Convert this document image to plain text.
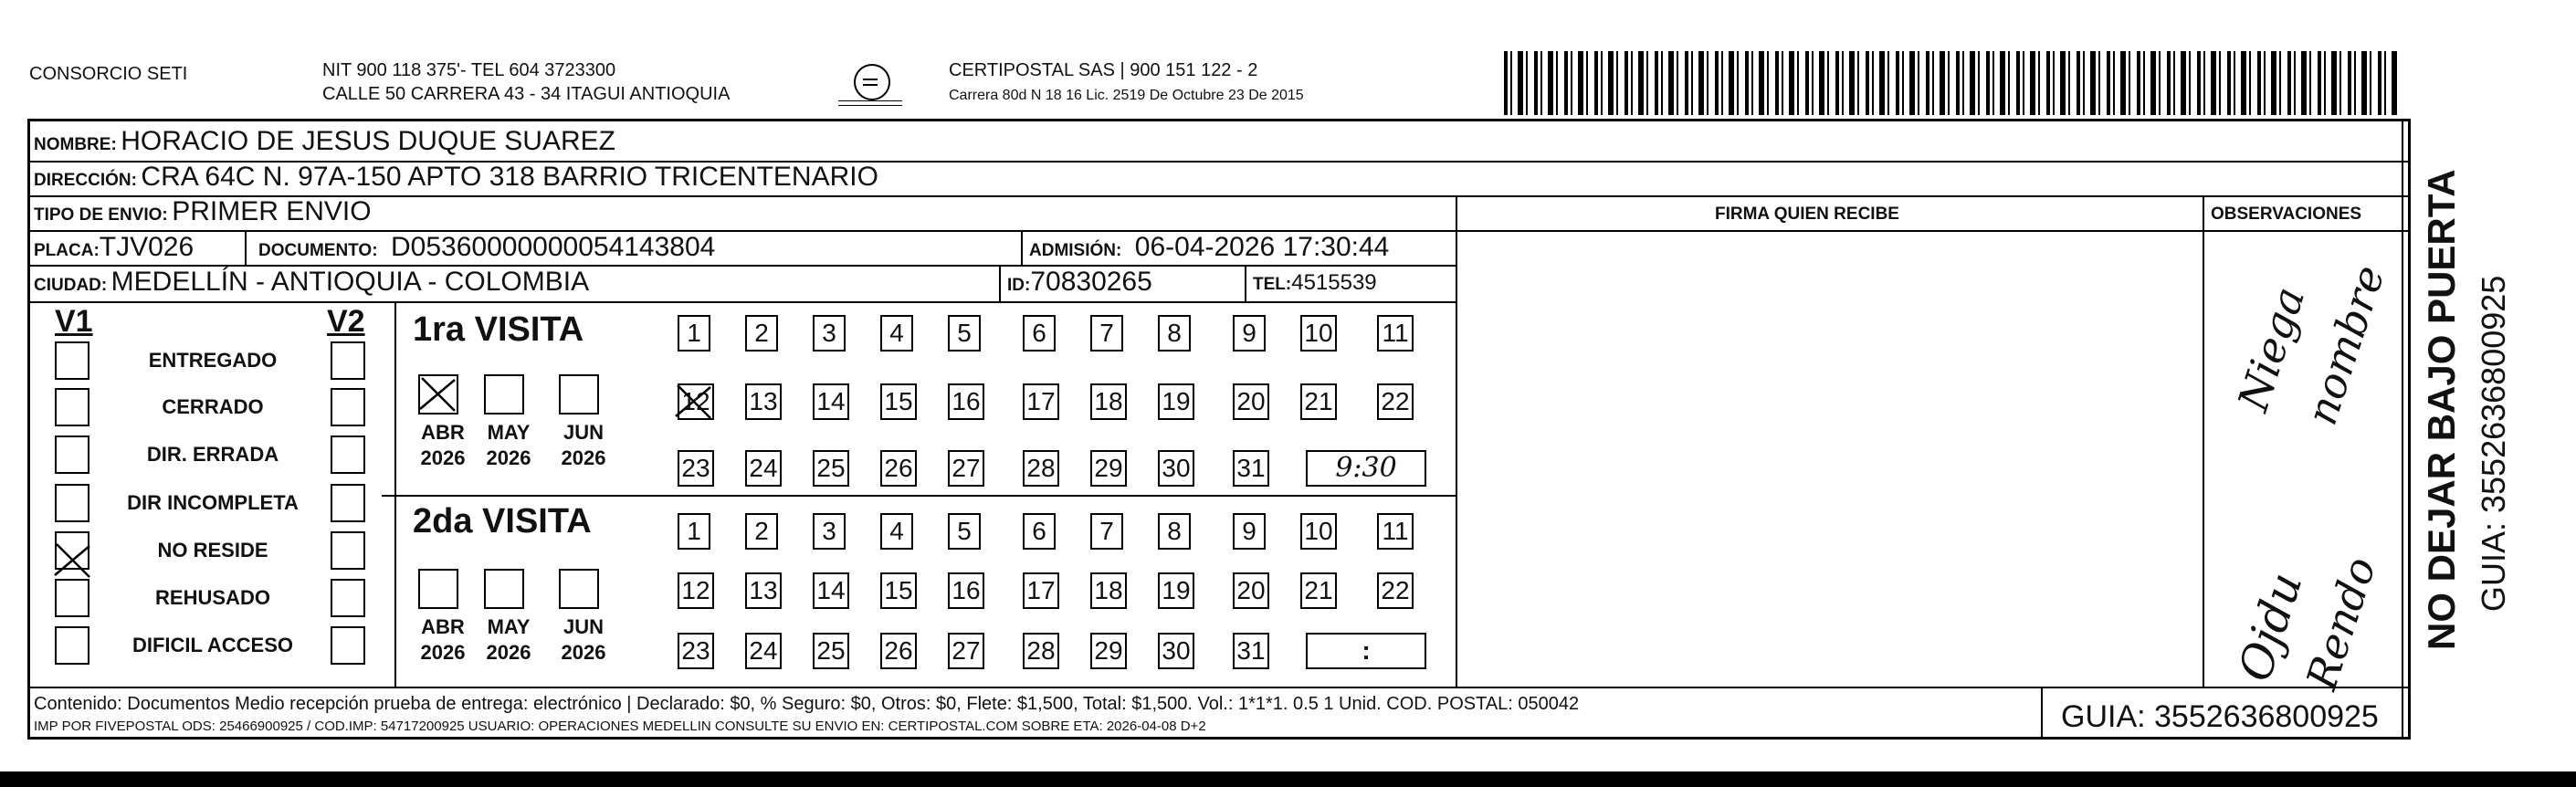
CONSORCIO SETI	NIT 900 118 375'- TEL 604 3723300
CALLE 50 CARRERA 43 - 34 ITAGUI ANTIOQUIA
CERTIPOSTAL SAS | 900 151 122 - 2
Carrera 80d N 18 16 Lic. 2519 De Octubre 23 De 2015
NOMBRE: HORACIO DE JESUS DUQUE SUAREZ
DIRECCIÓN: CRA 64C N. 97A-150 APTO 318 BARRIO TRICENTENARIO
TIPO DE ENVIO: PRIMER ENVIO	FIRMA QUIEN RECIBE	OBSERVACIONES
PLACA:TJV026	DOCUMENTO: D05360000000054143804	ADMISIÓN: 06-04-2026 17:30:44
CIUDAD: MEDELLÍN - ANTIOQUIA - COLOMBIA	ID:70830265	TEL:4515539
V1	V2
ENTREGADO
CERRADO
DIR. ERRADA
DIR INCOMPLETA
NO RESIDE
REHUSADO
DIFICIL ACCESO
1ra VISITA
ABR
2026
MAY
2026
JUN
2026
1	2	3	4	5	6	7	8	9	10 11
12 13 14 15 16 17 18 19 20 21 22
23 24 25 26 27 28 29 30 31	9:30
2da VISITA
ABR
2026
MAY
2026
JUN
2026
1	2	3	4	5	6	7	8	9	10 11
12 13 14 15 16 17 18 19 20 21 22
23 24 25 26 27 28 29 30 31	:
Niega
nombre
Ojdu
Rendo
Contenido: Documentos Medio recepción prueba de entrega: electrónico | Declarado: $0, % Seguro: $0, Otros: $0, Flete: $1,500, Total: $1,500. Vol.: 1*1*1. 0.5 1 Unid. COD. POSTAL: 050042
IMP POR FIVEPOSTAL ODS: 25466900925 / COD.IMP: 54717200925 USUARIO: OPERACIONES MEDELLIN CONSULTE SU ENVIO EN: CERTIPOSTAL.COM SOBRE ETA: 2026-04-08 D+2	GUIA: 3552636800925
NO DEJAR BAJO PUERTA GUIA: 3552636800925
